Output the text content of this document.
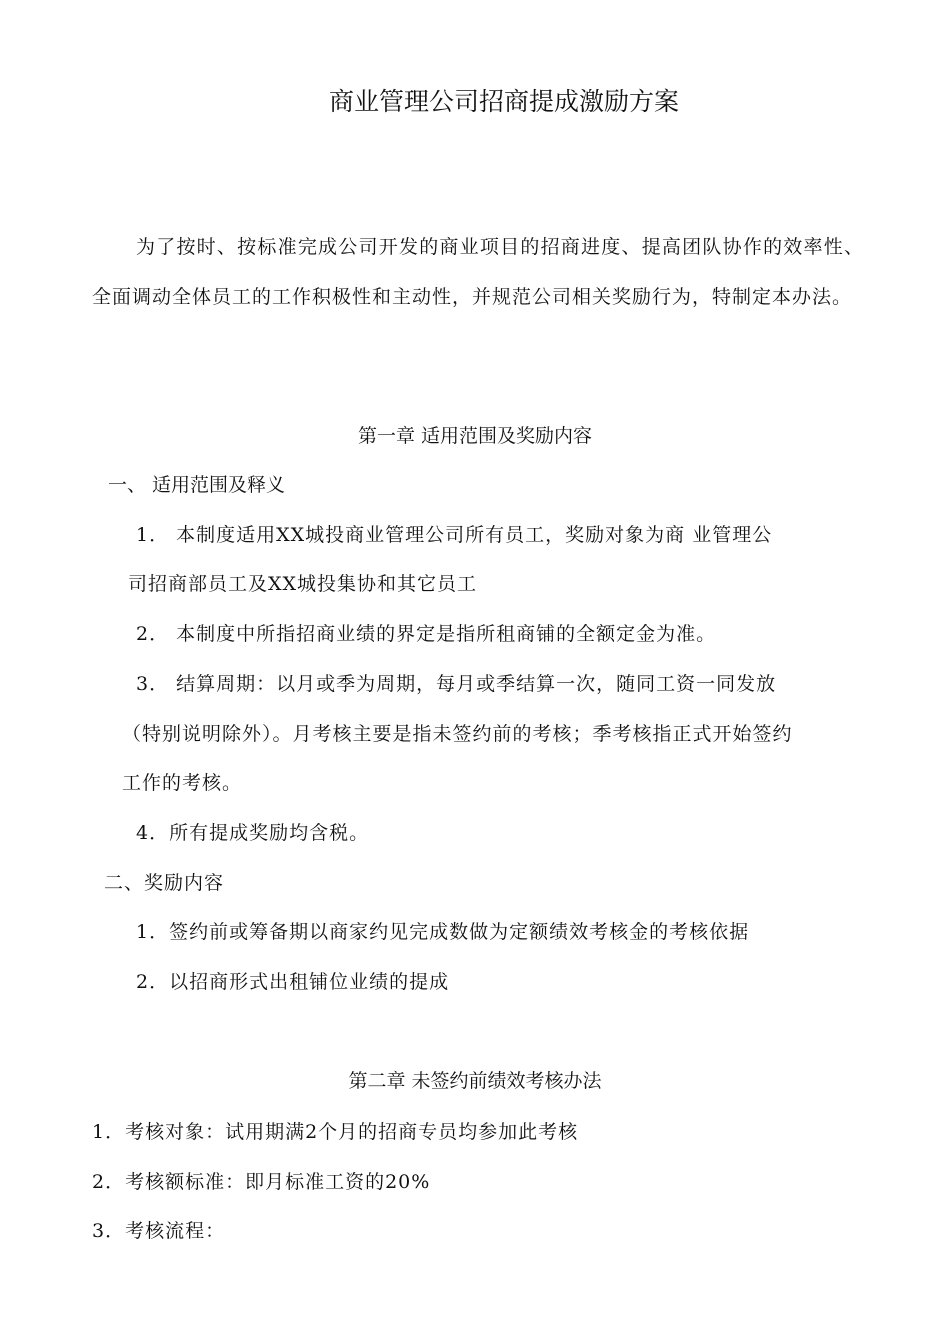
商业管理公司招商提成激励方案
为了按时、按标准完成公司开发的商业项目的招商进度、提高团队协作的效率性、全面调动全体员工的工作积极性和主动性，并规范公司相关奖励行为，特制定本办法。
第一章 适用范围及奖励内容
一、 适用范围及释义
1． 本制度适用XX城投商业管理公司所有员工，奖励对象为商 业管理公
司招商部员工及XX城投集协和其它员工
2． 本制度中所指招商业绩的界定是指所租商铺的全额定金为准。
3． 结算周期：以月或季为周期，每月或季结算一次，随同工资一同发放
（特别说明除外）。月考核主要是指未签约前的考核；季考核指正式开始签约
工作的考核。
4．所有提成奖励均含税。
二、奖励内容
1．签约前或筹备期以商家约见完成数做为定额绩效考核金的考核依据
2．以招商形式出租铺位业绩的提成
第二章 未签约前绩效考核办法
1．考核对象：试用期满2个月的招商专员均参加此考核
2．考核额标准：即月标准工资的20%
3．考核流程：
